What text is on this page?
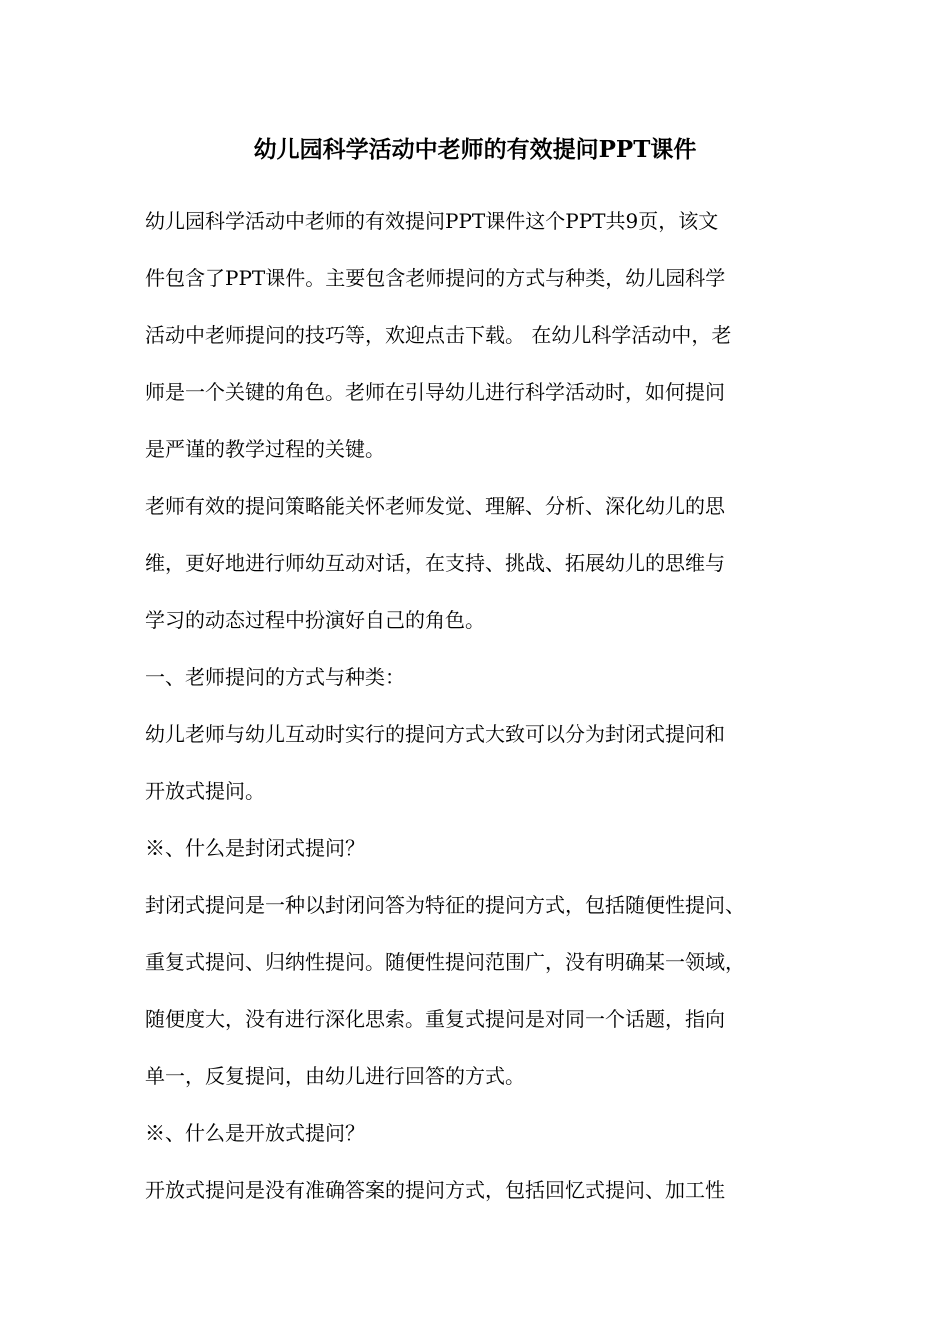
幼儿园科学活动中老师的有效提问PPT课件
幼儿园科学活动中老师的有效提问PPT课件这个PPT共9页，该文
件包含了PPT课件。主要包含老师提问的方式与种类，幼儿园科学
活动中老师提问的技巧等，欢迎点击下载。 在幼儿科学活动中，老
师是一个关键的角色。老师在引导幼儿进行科学活动时，如何提问
是严谨的教学过程的关键。
老师有效的提问策略能关怀老师发觉、理解、分析、深化幼儿的思
维，更好地进行师幼互动对话，在支持、挑战、拓展幼儿的思维与
学习的动态过程中扮演好自己的角色。
一、老师提问的方式与种类：
幼儿老师与幼儿互动时实行的提问方式大致可以分为封闭式提问和
开放式提问。
※、什么是封闭式提问？
封闭式提问是一种以封闭问答为特征的提问方式，包括随便性提问、
重复式提问、归纳性提问。随便性提问范围广，没有明确某一领域，
随便度大，没有进行深化思索。重复式提问是对同一个话题，指向
单一，反复提问，由幼儿进行回答的方式。
※、什么是开放式提问？
开放式提问是没有准确答案的提问方式，包括回忆式提问、加工性
